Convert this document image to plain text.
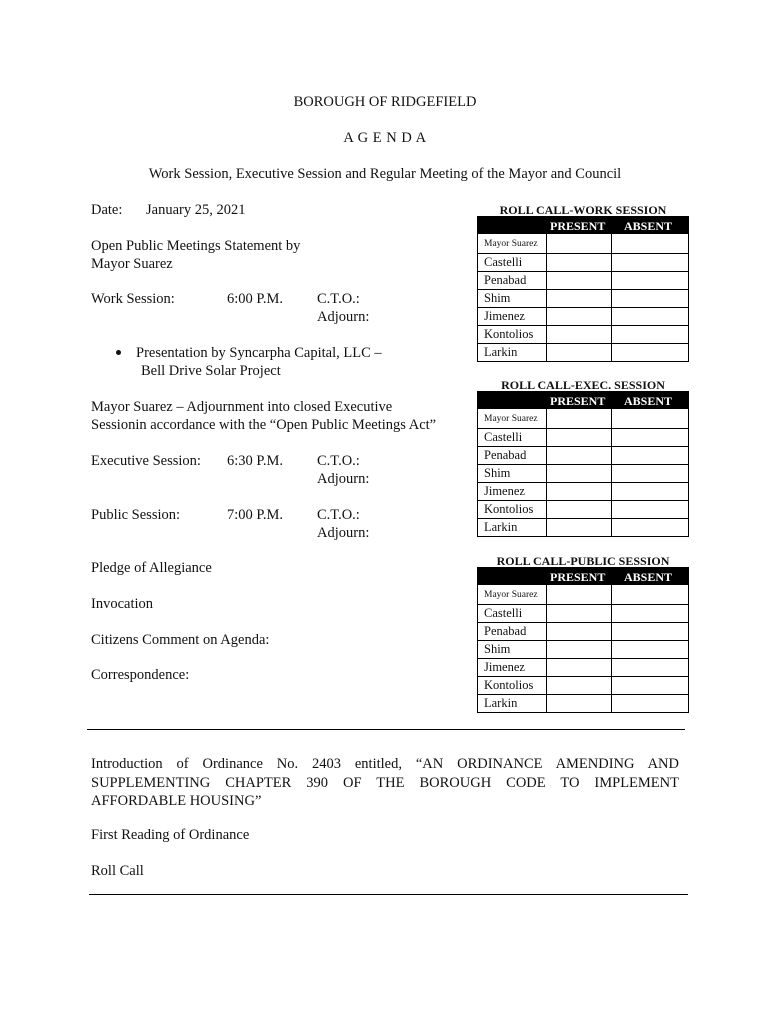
BOROUGH OF RIDGEFIELD
A G E N D A
Work Session, Executive Session and Regular Meeting of the Mayor and Council
Date: January 25, 2021
Open Public Meetings Statement by
Mayor Suarez
Work Session:	6:00 P.M. C.T.O.:
Adjourn:
Presentation by Syncarpha Capital, LLC –
Bell Drive Solar Project
Mayor Suarez – Adjournment into closed Executive
Sessionin accordance with the “Open Public Meetings Act”
Executive Session: 6:30 P.M. C.T.O.:
Adjourn:
Public Session:	7:00 P.M. C.T.O.:
Adjourn:
Pledge of Allegiance
Invocation
Citizens Comment on Agenda:
Correspondence:
ROLL CALL-WORK SESSION
PRESENT ABSENT
Mayor Suarez
Castelli
Penabad
Shim
Jimenez
Kontolios
Larkin
ROLL CALL-EXEC. SESSION
PRESENT ABSENT
Mayor Suarez
Castelli
Penabad
Shim
Jimenez
Kontolios
Larkin
ROLL CALL-PUBLIC SESSION
PRESENT ABSENT
Mayor Suarez
Castelli
Penabad
Shim
Jimenez
Kontolios
Larkin
Introduction of Ordinance No. 2403 entitled, “AN ORDINANCE AMENDING AND SUPPLEMENTING CHAPTER 390 OF THE BOROUGH CODE TO IMPLEMENT AFFORDABLE HOUSING”
First Reading of Ordinance
Roll Call
